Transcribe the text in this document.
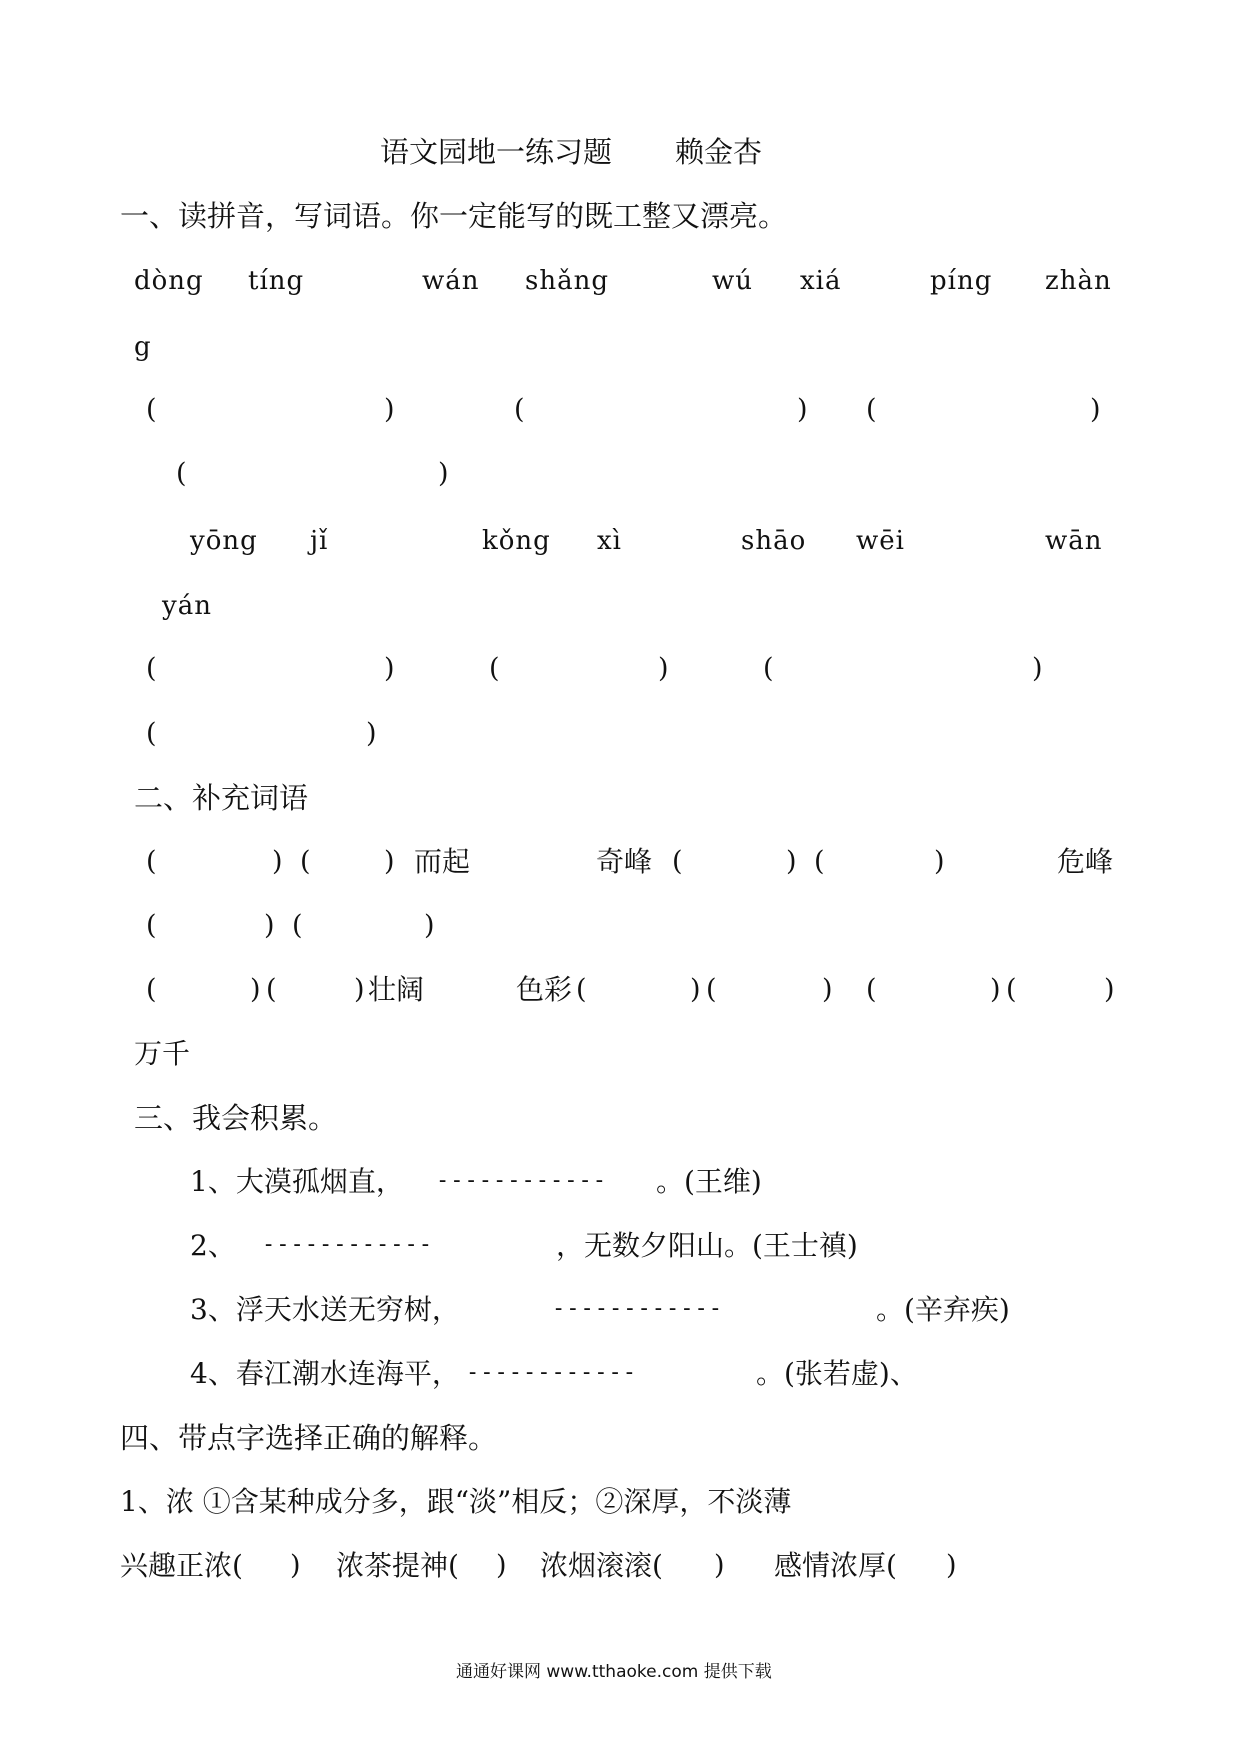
语文园地一练习题 赖金杏
一、读拼音，写词语。你一定能写的既工整又漂亮。
dòng tíng	wán shǎng	wú xiá	píng zhàn
g
(	)	(	) (	)
(	)
yōng jǐ	kǒng xì	shāo wēi	wān
yán
(	)	(	)	(	)
(	)
二、补充词语
(	) (	) 而起	奇峰 (	) (	)	危峰
(	) (	)
(	) (	) 壮阔	色彩 (	) (	) (	) (	)
万千
三、我会积累。
1、大漠孤烟直， ------------ 。(王维)
2、 ------------	，无数夕阳山。(王士禛)
3、浮天水送无穷树，	------------	。(辛弃疾)
4、春江潮水连海平， ------------	。(张若虚)、
四、带点字选择正确的解释。
1、浓 ①含某种成分多，跟“淡”相反；②深厚，不淡薄
兴趣正浓( ) 浓茶提神( ) 浓烟滚滚( ) 感情浓厚( )
通通好课网 www.tthaoke.com 提供下载
